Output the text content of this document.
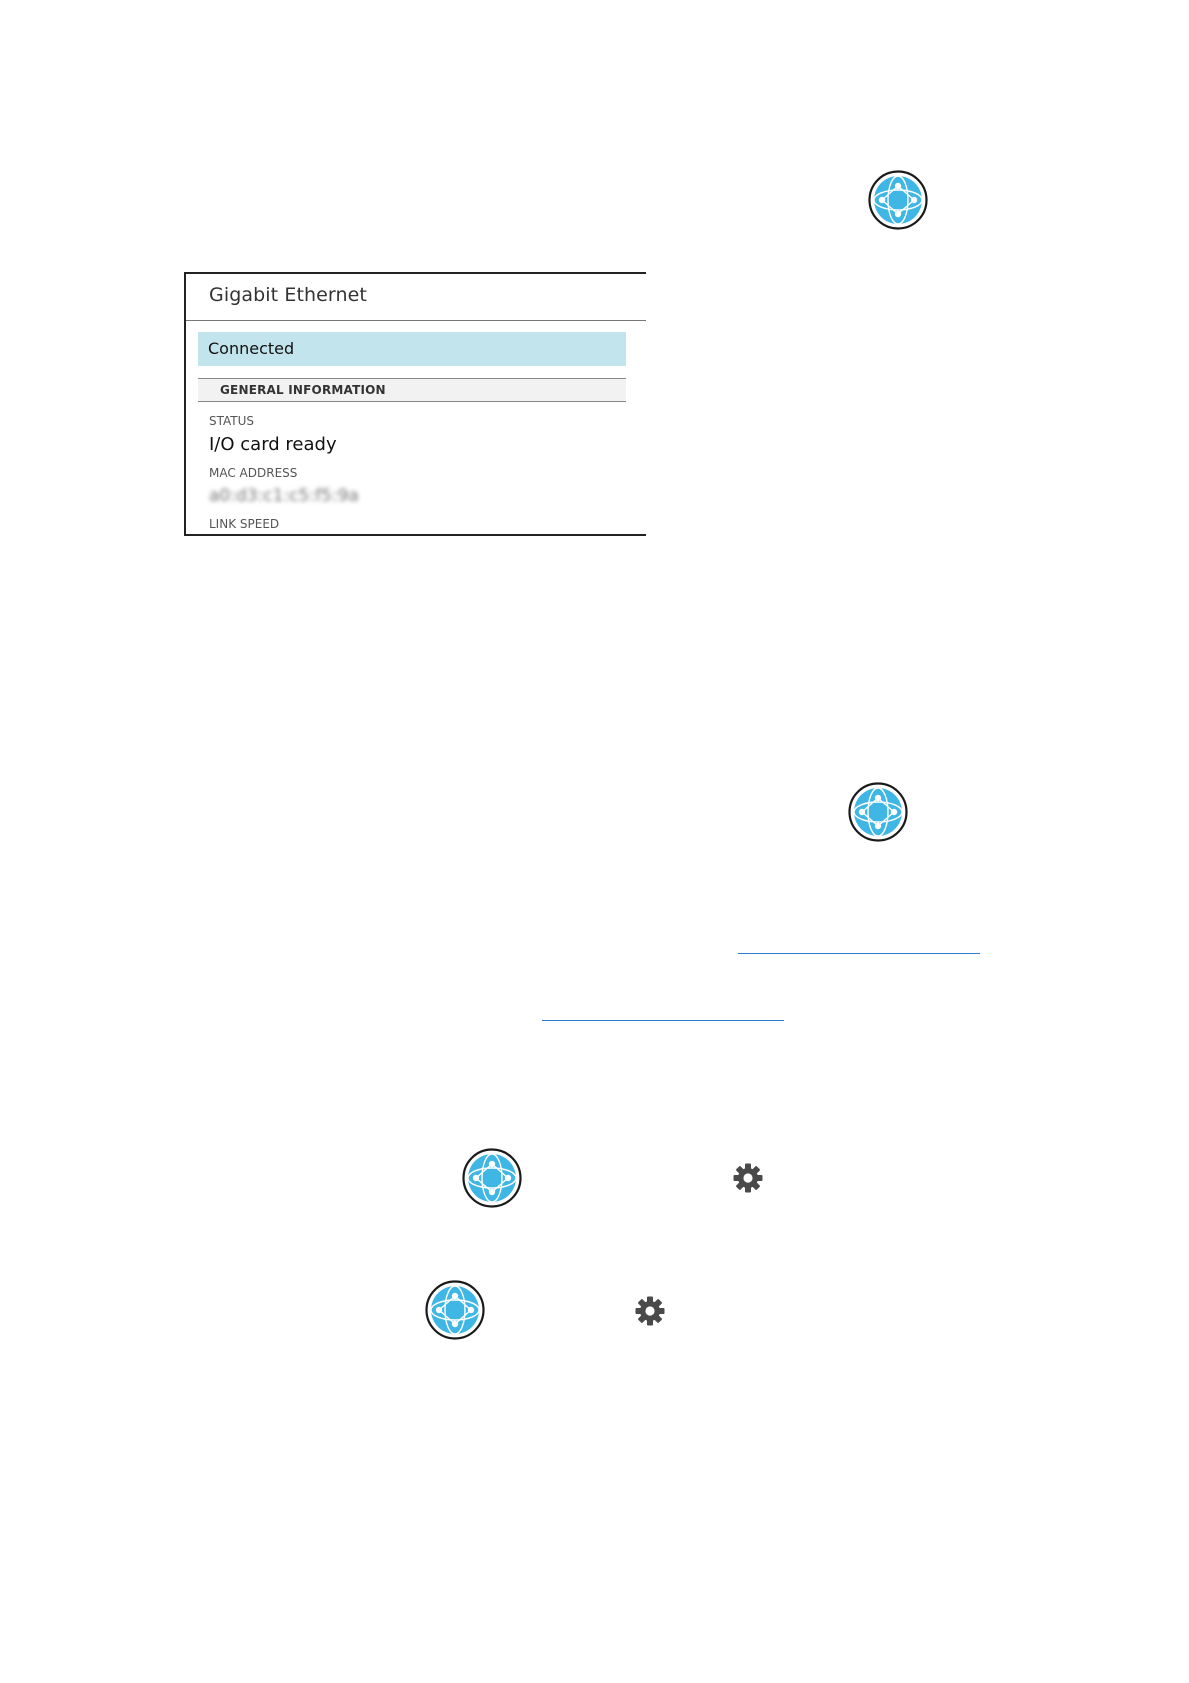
Gigabit Ethernet
Connected
GENERAL INFORMATION
STATUS
I/O card ready
MAC ADDRESS
a0:d3:c1:c5:f5:9a
LINK SPEED
